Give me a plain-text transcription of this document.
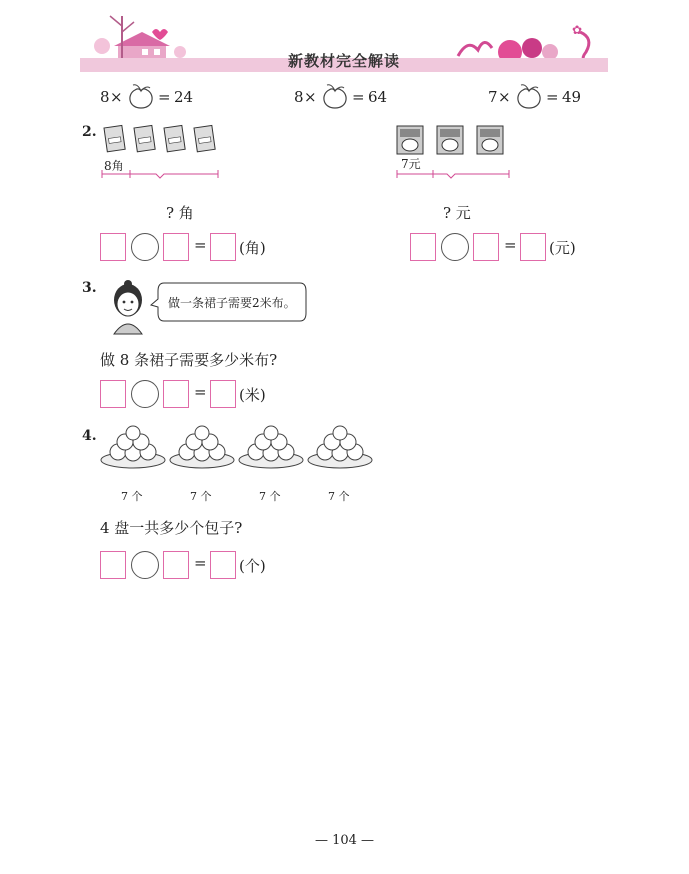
✿
新教材完全解读
8 × = 24	8 × = 64	7 × = 49
2.
8角	7元
? 角	? 元
= (角)	= (元)
3.
做一条裙子需要2米布。
做 8 条裙子需要多少米布?
= (米)
4.
7 个	7 个	7 个	7 个
4 盘一共多少个包子?
= (个)
— 104 —
